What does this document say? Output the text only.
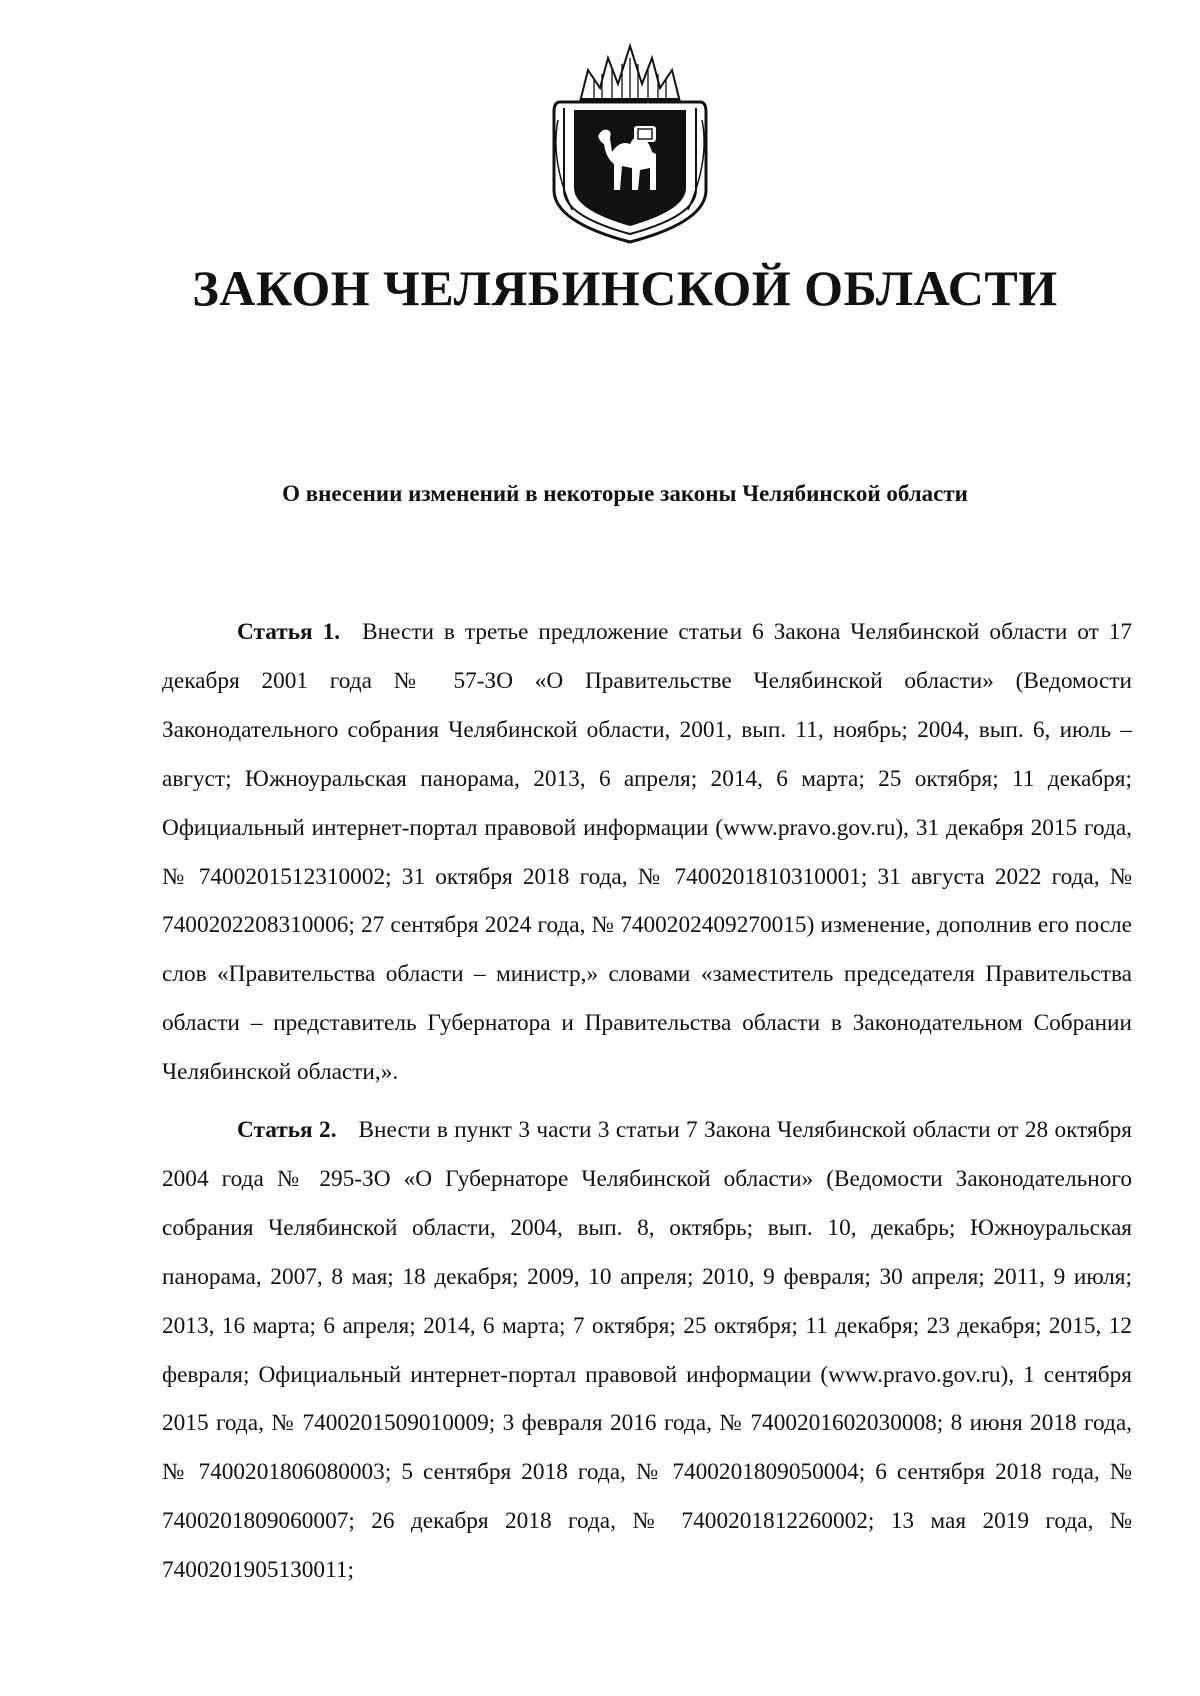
ЗАКОН ЧЕЛЯБИНСКОЙ ОБЛАСТИ
О внесении изменений в некоторые законы Челябинской области
Статья 1. Внести в третье предложение статьи 6 Закона Челябинской области от 17 декабря 2001 года № 57-ЗО «О Правительстве Челябинской области» (Ведомости Законодательного собрания Челябинской области, 2001, вып. 11, ноябрь; 2004, вып. 6, июль – август; Южноуральская панорама, 2013, 6 апреля; 2014, 6 марта; 25 октября; 11 декабря; Официальный интернет-портал правовой информации (www.pravo.gov.ru), 31 декабря 2015 года, № 7400201512310002; 31 октября 2018 года, № 7400201810310001; 31 августа 2022 года, № 7400202208310006; 27 сентября 2024 года, № 7400202409270015) изменение, дополнив его после слов «Правительства области – министр,» словами «заместитель председателя Правительства области – представитель Губернатора и Правительства области в Законодательном Собрании Челябинской области,».
Статья 2. Внести в пункт 3 части 3 статьи 7 Закона Челябинской области от 28 октября 2004 года № 295-ЗО «О Губернаторе Челябинской области» (Ведомости Законодательного собрания Челябинской области, 2004, вып. 8, октябрь; вып. 10, декабрь; Южноуральская панорама, 2007, 8 мая; 18 декабря; 2009, 10 апреля; 2010, 9 февраля; 30 апреля; 2011, 9 июля; 2013, 16 марта; 6 апреля; 2014, 6 марта; 7 октября; 25 октября; 11 декабря; 23 декабря; 2015, 12 февраля; Официальный интернет-портал правовой информации (www.pravo.gov.ru), 1 сентября 2015 года, № 7400201509010009; 3 февраля 2016 года, № 7400201602030008; 8 июня 2018 года, № 7400201806080003; 5 сентября 2018 года, № 7400201809050004; 6 сентября 2018 года, № 7400201809060007; 26 декабря 2018 года, № 7400201812260002; 13 мая 2019 года, № 7400201905130011;
